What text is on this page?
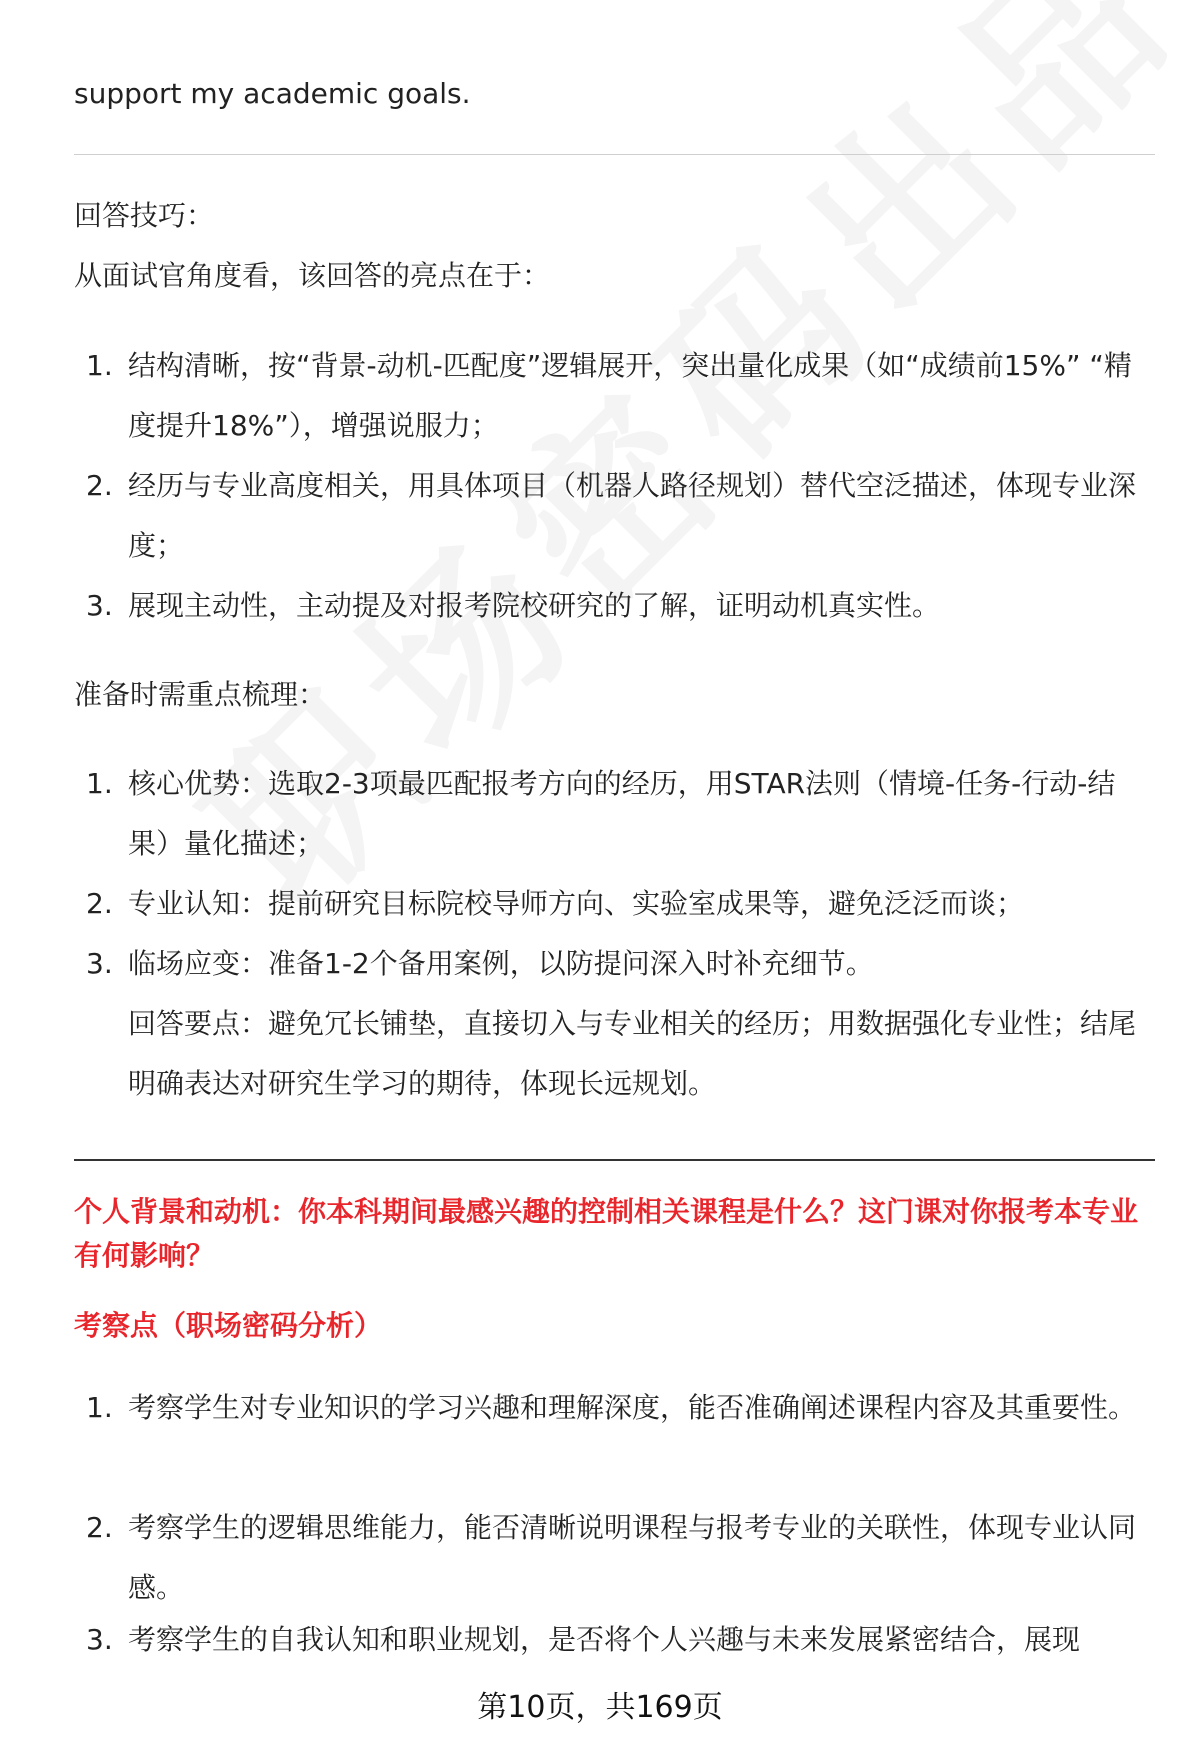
support my academic goals.
回答技巧：
从面试官角度看，该回答的亮点在于：
1. 结构清晰，按“背景-动机-匹配度”逻辑展开，突出量化成果（如“成绩前15%” “精度提升18%”），增强说服力；
2. 经历与专业高度相关，用具体项目（机器人路径规划）替代空泛描述，体现专业深度；
3. 展现主动性，主动提及对报考院校研究的了解，证明动机真实性。
准备时需重点梳理：
1. 核心优势：选取2-3项最匹配报考方向的经历，用STAR法则（情境-任务-行动-结果）量化描述；
2. 专业认知：提前研究目标院校导师方向、实验室成果等，避免泛泛而谈；
3. 临场应变：准备1-2个备用案例，以防提问深入时补充细节。
回答要点：避免冗长铺垫，直接切入与专业相关的经历；用数据强化专业性；结尾明确表达对研究生学习的期待，体现长远规划。
个人背景和动机：你本科期间最感兴趣的控制相关课程是什么？这门课对你报考本专业有何影响？
考察点（职场密码分析）
1. 考察学生对专业知识的学习兴趣和理解深度，能否准确阐述课程内容及其重要性。
2. 考察学生的逻辑思维能力，能否清晰说明课程与报考专业的关联性，体现专业认同感。
3. 考察学生的自我认知和职业规划，是否将个人兴趣与未来发展紧密结合，展现
第10页，共169页
